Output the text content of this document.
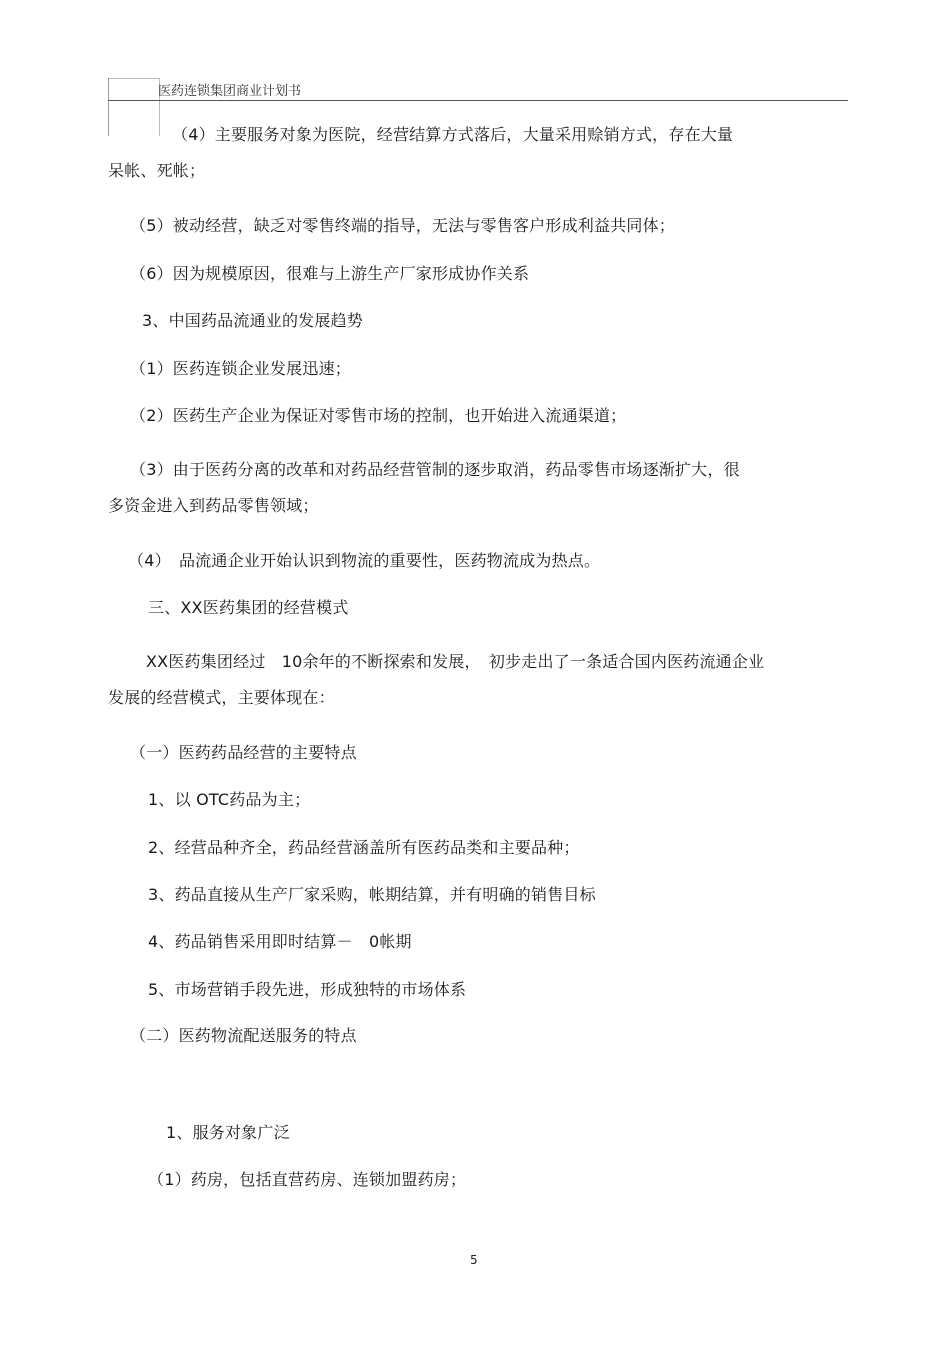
医药连锁集团商业计划书
（4）主要服务对象为医院，经营结算方式落后，大量采用赊销方式，存在大量
呆帐、死帐；
（5）被动经营，缺乏对零售终端的指导，无法与零售客户形成利益共同体；
（6）因为规模原因，很难与上游生产厂家形成协作关系
3、中国药品流通业的发展趋势
（1）医药连锁企业发展迅速；
（2）医药生产企业为保证对零售市场的控制，也开始进入流通渠道；
（3）由于医药分离的改革和对药品经营管制的逐步取消，药品零售市场逐渐扩大，很
多资金进入到药品零售领域；
（4）　品流通企业开始认识到物流的重要性，医药物流成为热点。
三、XX医药集团的经营模式
XX医药集团经过　10余年的不断探索和发展，　初步走出了一条适合国内医药流通企业
发展的经营模式，主要体现在：
（一）医药药品经营的主要特点
1、以 OTC药品为主；
2、经营品种齐全，药品经营涵盖所有医药品类和主要品种；
3、药品直接从生产厂家采购，帐期结算，并有明确的销售目标
4、药品销售采用即时结算－　0帐期
5、市场营销手段先进，形成独特的市场体系
（二）医药物流配送服务的特点
1、服务对象广泛
（1）药房，包括直营药房、连锁加盟药房；
5
